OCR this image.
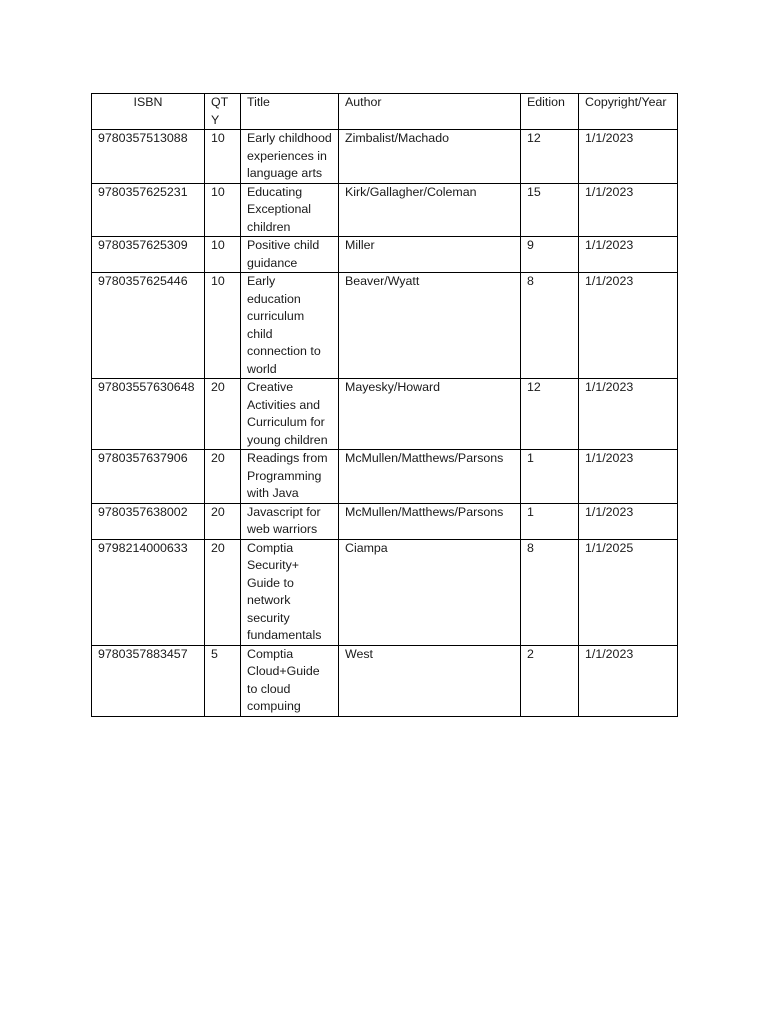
ISBN	QTY	Title	Author	Edition	Copyright/Year
9780357513088	10	Early childhood experiences in language arts	Zimbalist/Machado	12	1/1/2023
9780357625231	10	Educating Exceptional children	Kirk/Gallagher/Coleman	15	1/1/2023
9780357625309	10	Positive child guidance	Miller	9	1/1/2023
9780357625446	10	Early education curriculum child connection to world	Beaver/Wyatt	8	1/1/2023
97803557630648	20	Creative Activities and Curriculum for young children	Mayesky/Howard	12	1/1/2023
9780357637906	20	Readings from Programming with Java	McMullen/Matthews/Parsons	1	1/1/2023
9780357638002	20	Javascript for web warriors	McMullen/Matthews/Parsons	1	1/1/2023
9798214000633	20	Comptia Security+ Guide to network security fundamentals	Ciampa	8	1/1/2025
9780357883457	5	Comptia Cloud+Guide to cloud compuing	West	2	1/1/2023
